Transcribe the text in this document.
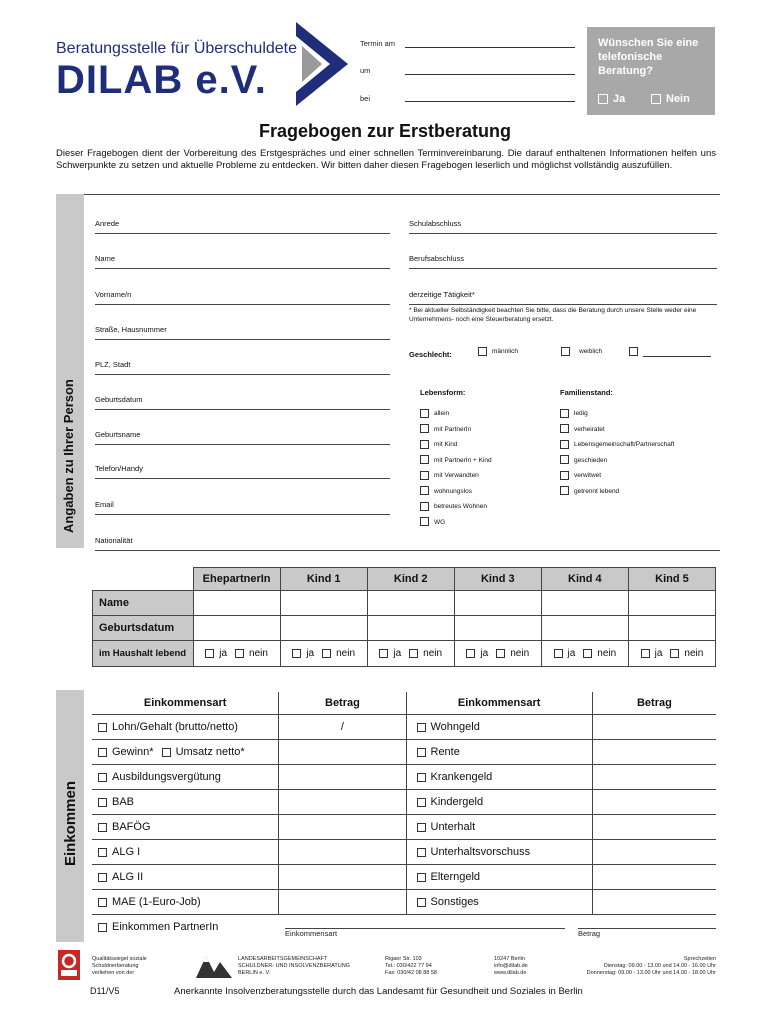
Beratungsstelle für Überschuldete
DILAB e.V.
Termin am
um
bei
Wünschen Sie eine telefonische Beratung?
Ja	Nein
Fragebogen zur Erstberatung
Dieser Fragebogen dient der Vorbereitung des Erstgespräches und einer schnellen Terminvereinbarung. Die darauf enthaltenen Informationen helfen uns Schwerpunkte zu setzen und aktuelle Probleme zu entdecken. Wir bitten daher diesen Fragebogen leserlich und möglichst vollständig auszufüllen.
Angaben zu Ihrer Person
Anrede
Name
Vorname/n
Straße, Hausnummer
PLZ, Stadt
Geburtsdatum
Geburtsname
Telefon/Handy
Email
Nationalität
Schulabschluss
Berufsabschluss
derzeitige Tätigkeit*
* Bei aktueller Selbständigkeit beachten Sie bitte, dass die Beratung durch unsere Stelle weder eine Unternehmens- noch eine Steuerberatung ersetzt.
Geschlecht:	männlich	weiblich
Lebensform:	Familienstand:
allein
mit PartnerIn
mit Kind
mit PartnerIn + Kind
mit Verwandten
wohnungslos
betreutes Wohnen
WG
ledig
verheiratet
Lebensgemeinschaft/Partnerschaft
geschieden
verwitwet
getrennt lebend
	EhepartnerIn	Kind 1	Kind 2	Kind 3	Kind 4	Kind 5
Name						
Geburtsdatum						
im Haushalt lebend	ja nein	ja nein	ja nein	ja nein	ja nein	ja nein
Einkommen
Einkommensart	Betrag	Einkommensart	Betrag

Lohn/Gehalt (brutto/netto)	/	Wohngeld	

Gewinn* Umsatz netto*		Rente	

Ausbildungsvergütung		Krankengeld	

BAB		Kindergeld	

BAFÖG		Unterhalt	

ALG I		Unterhaltsvorschuss	

ALG II		Elterngeld	

MAE (1-Euro-Job)		Sonstiges	

Einkommen PartnerIn
Einkommensart	Betrag
Qualitätssiegel soziale
Schuldnerberatung
verliehen von der
LANDESARBEITSGEMEINSCHAFT
SCHULDNER- UND INSOLVENZBERATUNG
BERLIN e. V.
Rigaer Str. 103
Tel.: 030/422 77 94
Fax: 030/42 08 88 58
10247 Berlin
info@dilab.de
www.dilab.de
Sprechzeiten
Dienstag: 09.00 - 13.00 und 14.00 - 16.00 Uhr
Donnerstag: 09.00 - 13.00 Uhr und 14.00 - 18.00 Uhr
D11/V5	Anerkannte Insolvenzberatungsstelle durch das Landesamt für Gesundheit und Soziales in Berlin
